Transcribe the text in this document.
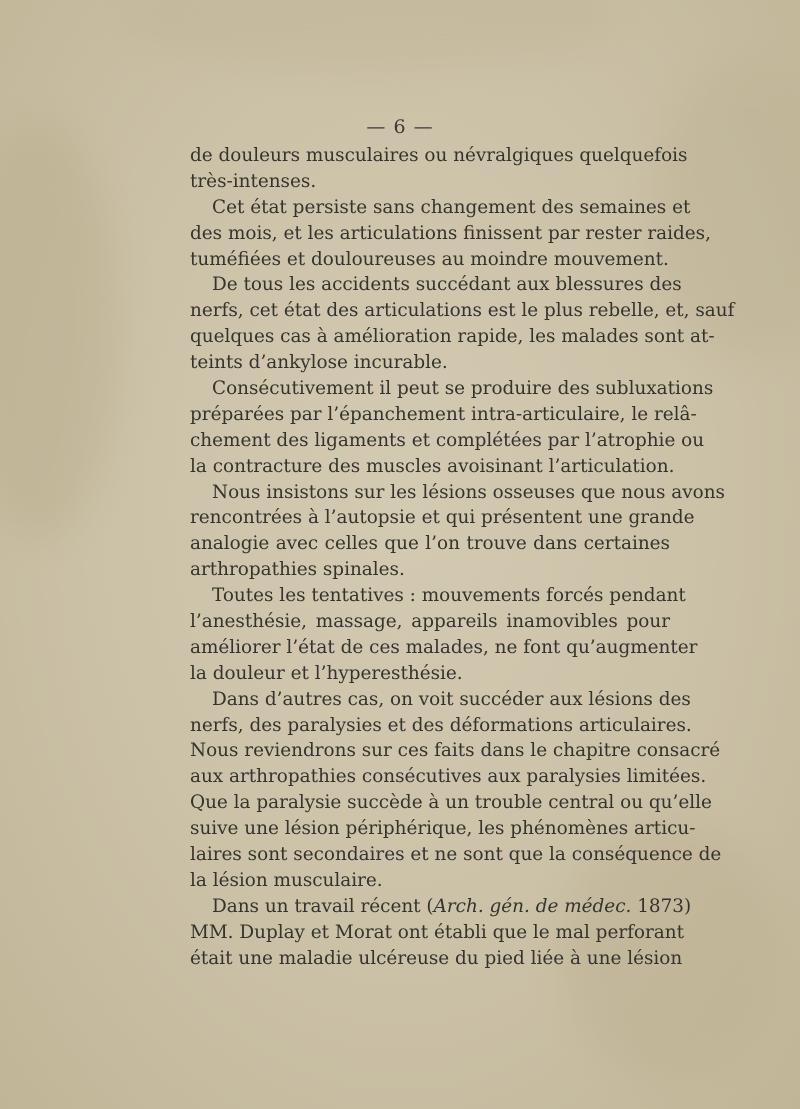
— 6 —
de douleurs musculaires ou névralgiques quelquefois
très-intenses.
Cet état persiste sans changement des semaines et
des mois, et les articulations finissent par rester raides,
tuméfiées et douloureuses au moindre mouvement.
De tous les accidents succédant aux blessures des
nerfs, cet état des articulations est le plus rebelle, et, sauf
quelques cas à amélioration rapide, les malades sont at-
teints d’ankylose incurable.
Consécutivement il peut se produire des subluxations
préparées par l’épanchement intra-articulaire, le relâ-
chement des ligaments et complétées par l’atrophie ou
la contracture des muscles avoisinant l’articulation.
Nous insistons sur les lésions osseuses que nous avons
rencontrées à l’autopsie et qui présentent une grande
analogie avec celles que l’on trouve dans certaines
arthropathies spinales.
Toutes les tentatives : mouvements forcés pendant
l’anesthésie, massage, appareils inamovibles pour
améliorer l’état de ces malades, ne font qu’augmenter
la douleur et l’hyperesthésie.
Dans d’autres cas, on voit succéder aux lésions des
nerfs, des paralysies et des déformations articulaires.
Nous reviendrons sur ces faits dans le chapitre consacré
aux arthropathies consécutives aux paralysies limitées.
Que la paralysie succède à un trouble central ou qu’elle
suive une lésion périphérique, les phénomènes articu-
laires sont secondaires et ne sont que la conséquence de
la lésion musculaire.
Dans un travail récent (Arch. gén. de médec. 1873)
MM. Duplay et Morat ont établi que le mal perforant
était une maladie ulcéreuse du pied liée à une lésion
